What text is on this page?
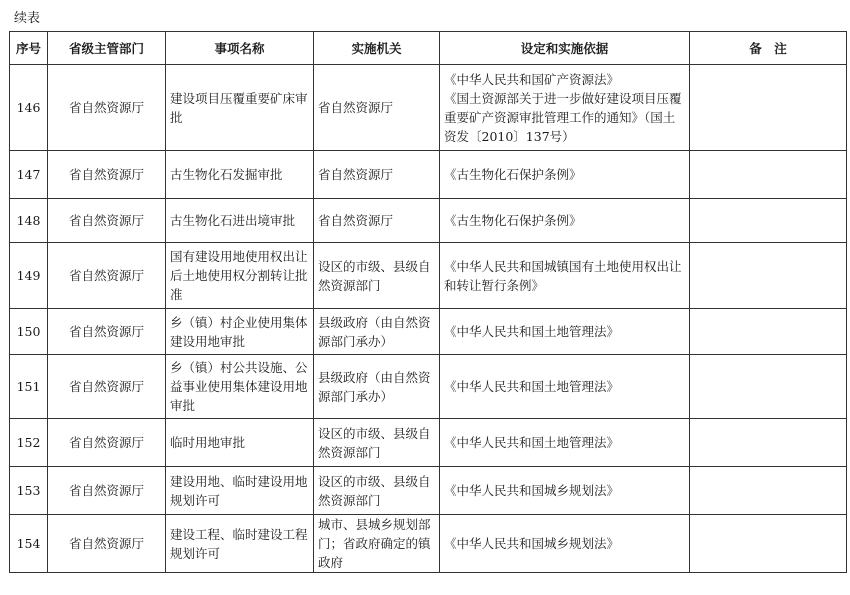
续表
序号	省级主管部门	事项名称	实施机关	设定和实施依据	备　注
146	省自然资源厅	建设项目压覆重要矿床审批	省自然资源厅	《中华人民共和国矿产资源法》
《国土资源部关于进一步做好建设项目压覆重要矿产资源审批管理工作的通知》（国土资发〔2010〕137号）	

147	省自然资源厅	古生物化石发掘审批	省自然资源厅	《古生物化石保护条例》	

148	省自然资源厅	古生物化石进出境审批	省自然资源厅	《古生物化石保护条例》	

149	省自然资源厅	国有建设用地使用权出让后土地使用权分割转让批准	设区的市级、县级自然资源部门	《中华人民共和国城镇国有土地使用权出让和转让暂行条例》	

150	省自然资源厅	乡（镇）村企业使用集体建设用地审批	县级政府（由自然资源部门承办）	《中华人民共和国土地管理法》	

151	省自然资源厅	乡（镇）村公共设施、公益事业使用集体建设用地审批	县级政府（由自然资源部门承办）	《中华人民共和国土地管理法》	

152	省自然资源厅	临时用地审批	设区的市级、县级自然资源部门	《中华人民共和国土地管理法》	

153	省自然资源厅	建设用地、临时建设用地规划许可	设区的市级、县级自然资源部门	《中华人民共和国城乡规划法》	

154	省自然资源厅	建设工程、临时建设工程规划许可	城市、县城乡规划部门；省政府确定的镇政府	《中华人民共和国城乡规划法》	
